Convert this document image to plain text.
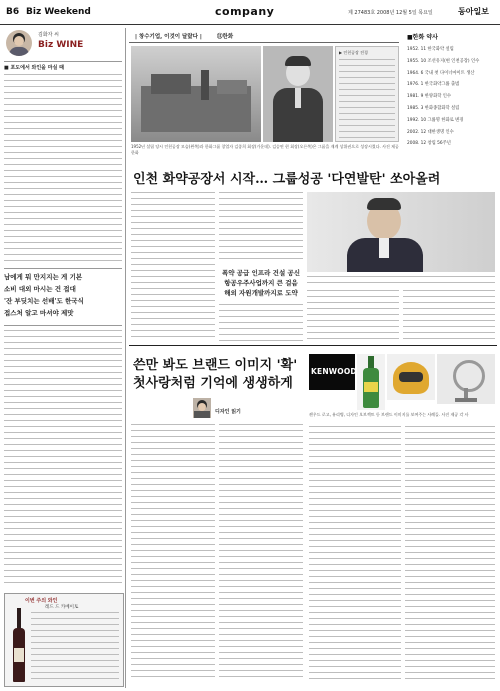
B6 Biz Weekend	company	제 27483호 2008년 12월 5일 목요일	동아일보
김화자 씨
Biz WINE
■ 포도에서 와인을 마실 때
남에게 뭐 만지지는 게 기본
소비 대외 마시는 건 접대
'잔 부딪치는 선배'도 한국식
접스처 알고 마셔야 제맛
이번 주의 와인
레드 드 카베이토
| 창수기업, 이것이 달랐다 |	⑪한화
▶ 인천공장 전경
1952년 설립 당시 인천공장 모습(왼쪽)과 한화그룹 창업자 김종희 회장(가운데). 김승연 현 회장(오른쪽)은 그룹을 재계 상위권으로 성장시켰다. 사진 제공 한화
■한화 약사
1952. 11 한국화약 설립
1955. 10 조선유지(현 인천공장) 인수
1964. 6 국내 첫 다이너마이트 생산
1976. 1 한국화약그룹 출범
1981. 9 한양화학 인수
1985. 3 한화종합화학 설립
1992. 10 그룹명 한화로 변경
2002. 12 대한생명 인수
2008. 12 창립 56주년
인천 화약공장서 시작… 그룹성공 '다연발탄' 쏘아올려
폭약 공급 인프라 건설 공신
항공우주사업까지 큰 걸음
해외 자원개발까지로 도약
쓴만 봐도 브랜드 이미지 '확'
첫사랑처럼 기억에 생생하게
디자인 읽기
KENWOOD
켄우드 로고, 유리병, 디자인 오브젝트 등 브랜드 이미지를 보여주는 사례들. 사진 제공 각 사
